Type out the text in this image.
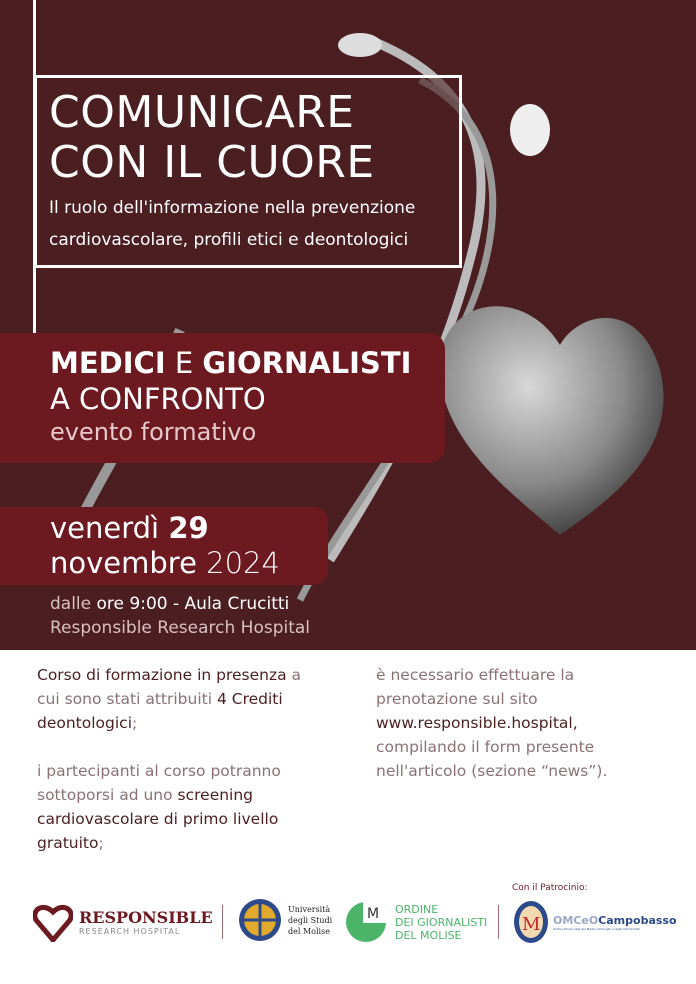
COMUNICARE
CON IL CUORE
Il ruolo dell'informazione nella prevenzione
cardiovascolare, profili etici e deontologici
MEDICI E GIORNALISTI
A CONFRONTO
evento formativo
venerdì 29
novembre 2024
dalle ore 9:00 - Aula Crucitti
Responsible Research Hospital

Corso di formazione in presenza a cui sono stati attribuiti 4 Crediti deontologici;

i partecipanti al corso potranno sottoporsi ad uno screening cardiovascolare di primo livello gratuito;

è necessario effettuare la prenotazione sul sito www.responsible.hospital, compilando il form presente nell'articolo (sezione “news”).

RESPONSIBLE
RESEARCH HOSPITAL
Università
degli Studi
del Molise
M ORDINE
DEI GIORNALISTI
DEL MOLISE
Con il Patrocinio:
M OMCeOCampobasso
Ordine Provinciale dei Medici Chirurghi e degli Odontoiatri
